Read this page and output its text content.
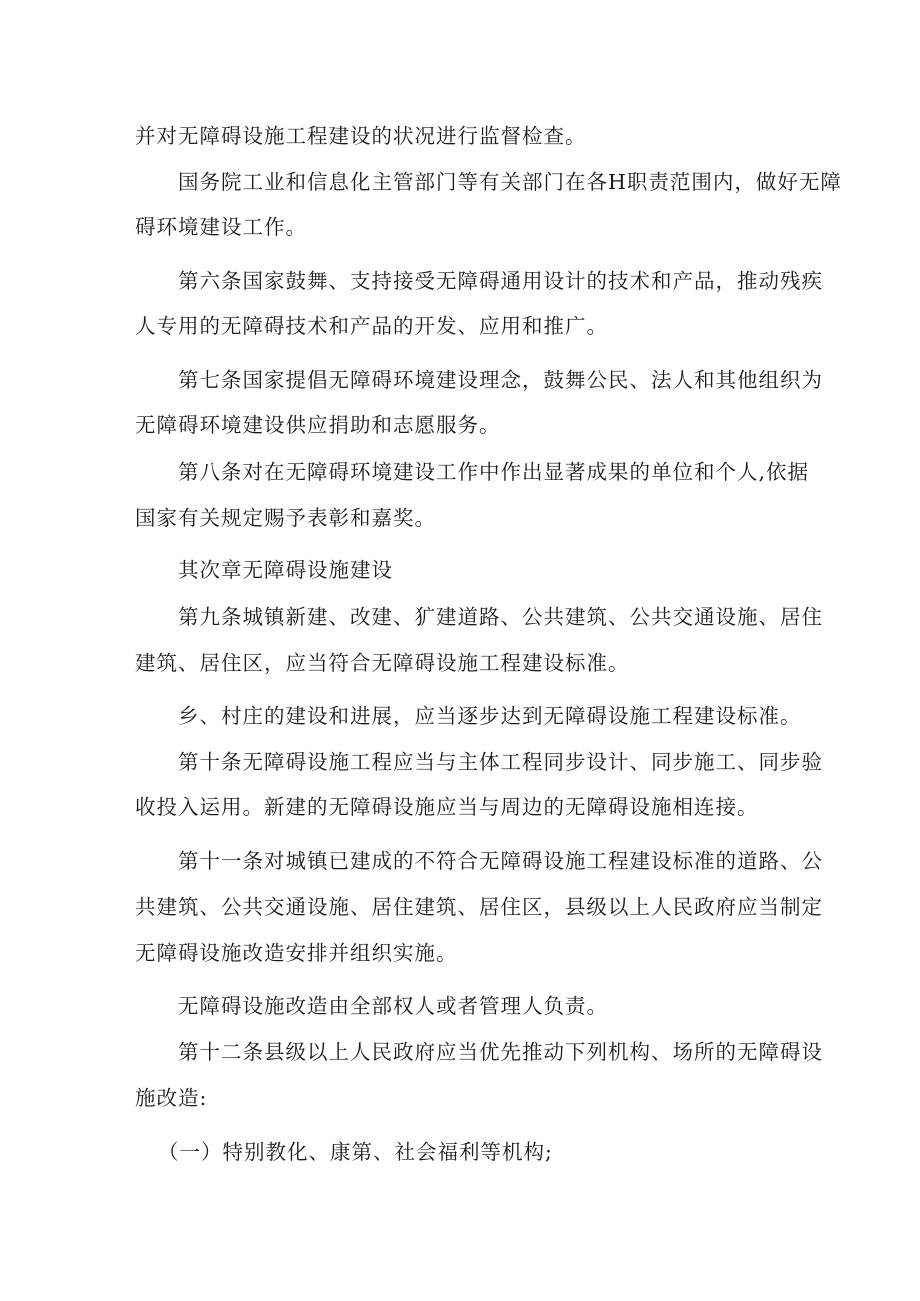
并对无障碍设施工程建设的状况进行监督检查。
国务院工业和信息化主管部门等有关部门在各H职责范围内，做好无障
碍环境建设工作。
第六条国家鼓舞、支持接受无障碍通用设计的技术和产品，推动残疾
人专用的无障碍技术和产品的开发、应用和推广。
第七条国家提倡无障碍环境建设理念，鼓舞公民、法人和其他组织为
无障碍环境建设供应捐助和志愿服务。
第八条对在无障碍环境建设工作中作出显著成果的单位和个人,依据
国家有关规定赐予表彰和嘉奖。
其次章无障碍设施建设
第九条城镇新建、改建、犷建道路、公共建筑、公共交通设施、居住
建筑、居住区，应当符合无障碍设施工程建设标准。
乡、村庄的建设和进展，应当逐步达到无障碍设施工程建设标准。
第十条无障碍设施工程应当与主体工程同步设计、同步施工、同步验
收投入运用。新建的无障碍设施应当与周边的无障碍设施相连接。
第十一条对城镇已建成的不符合无障碍设施工程建设标准的道路、公
共建筑、公共交通设施、居住建筑、居住区，县级以上人民政府应当制定
无障碍设施改造安排并组织实施。
无障碍设施改造由全部权人或者管理人负责。
第十二条县级以上人民政府应当优先推动下列机构、场所的无障碍设
施改造:
（一）特别教化、康第、社会福利等机构;
